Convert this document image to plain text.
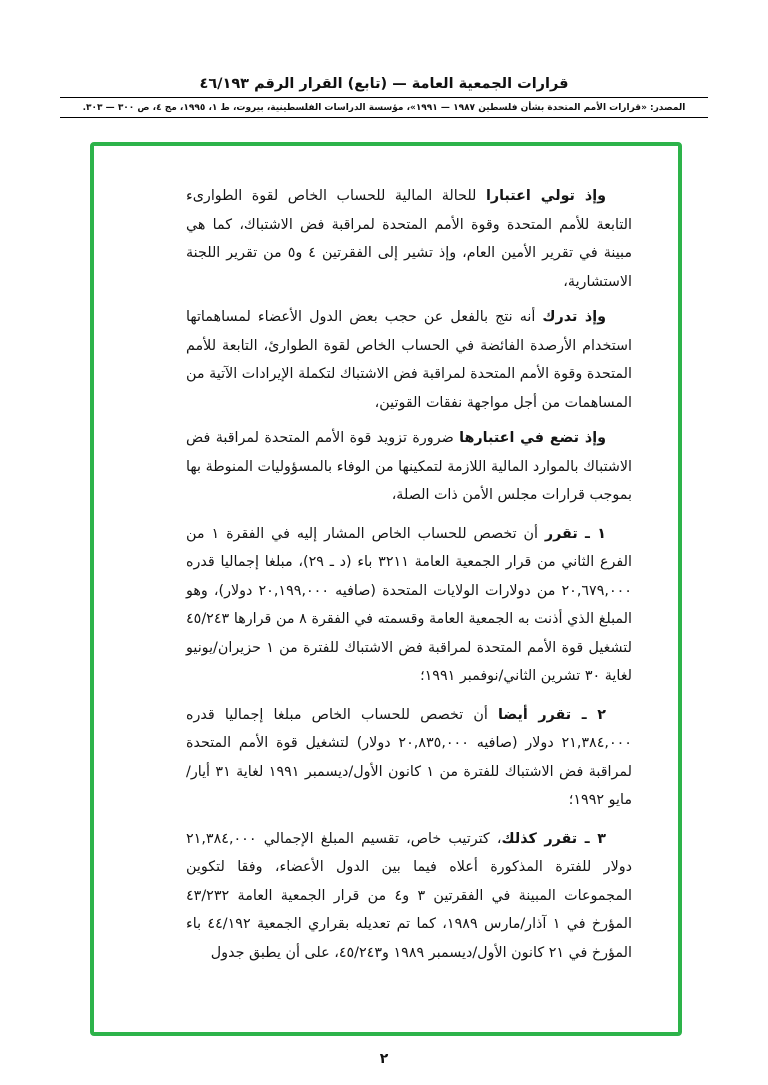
قرارات الجمعية العامة — (تابع) القرار الرقم ٤٦/١٩٣
المصدر: «قرارات الأمم المتحدة بشأن فلسطين ١٩٨٧ — ١٩٩١»، مؤسسة الدراسات الفلسطينية، بيروت، ط ١، ١٩٩٥، مج ٤، ص ٣٠٠ — ٣٠٣.

وإذ تولي اعتبارا للحالة المالية للحساب الخاص لقوة الطوارىء التابعة للأمم المتحدة وقوة الأمم المتحدة لمراقبة فض الاشتباك، كما هي مبينة في تقرير الأمين العام، وإذ تشير إلى الفقرتين ٤ و٥ من تقرير اللجنة الاستشارية،

وإذ تدرك أنه نتج بالفعل عن حجب بعض الدول الأعضاء لمساهماتها استخدام الأرصدة الفائضة في الحساب الخاص لقوة الطوارئ، التابعة للأمم المتحدة وقوة الأمم المتحدة لمراقبة فض الاشتباك لتكملة الإيرادات الآتية من المساهمات من أجل مواجهة نفقات القوتين،

وإذ تضع في اعتبارها ضرورة تزويد قوة الأمم المتحدة لمراقبة فض الاشتباك بالموارد المالية اللازمة لتمكينها من الوفاء بالمسؤوليات المنوطة بها بموجب قرارات مجلس الأمن ذات الصلة،

١ ـ تقرر أن تخصص للحساب الخاص المشار إليه في الفقرة ١ من الفرع الثاني من قرار الجمعية العامة ٣٢١١ باء (د ـ ٢٩)، مبلغا إجماليا قدره ٢٠,٦٧٩,٠٠٠ من دولارات الولايات المتحدة (صافيه ٢٠,١٩٩,٠٠٠ دولار)، وهو المبلغ الذي أذنت به الجمعية العامة وقسمته في الفقرة ٨ من قرارها ٤٥/٢٤٣ لتشغيل قوة الأمم المتحدة لمراقبة فض الاشتباك للفترة من ١ حزيران/يونيو لغاية ٣٠ تشرين الثاني/نوفمبر ١٩٩١؛

٢ ـ تقرر أيضا أن تخصص للحساب الخاص مبلغا إجماليا قدره ٢١,٣٨٤,٠٠٠ دولار (صافيه ٢٠,٨٣٥,٠٠٠ دولار) لتشغيل قوة الأمم المتحدة لمراقبة فض الاشتباك للفترة من ١ كانون الأول/ديسمبر ١٩٩١ لغاية ٣١ أيار/مايو ١٩٩٢؛

٣ ـ تقرر كذلك، كترتيب خاص، تقسيم المبلغ الإجمالي ٢١,٣٨٤,٠٠٠ دولار للفترة المذكورة أعلاه فيما بين الدول الأعضاء، وفقا لتكوين المجموعات المبينة في الفقرتين ٣ و٤ من قرار الجمعية العامة ٤٣/٢٣٢ المؤرخ في ١ آذار/مارس ١٩٨٩، كما تم تعديله بقراري الجمعية ٤٤/١٩٢ باء المؤرخ في ٢١ كانون الأول/ديسمبر ١٩٨٩ و٤٥/٢٤٣، على أن يطبق جدول

٢
